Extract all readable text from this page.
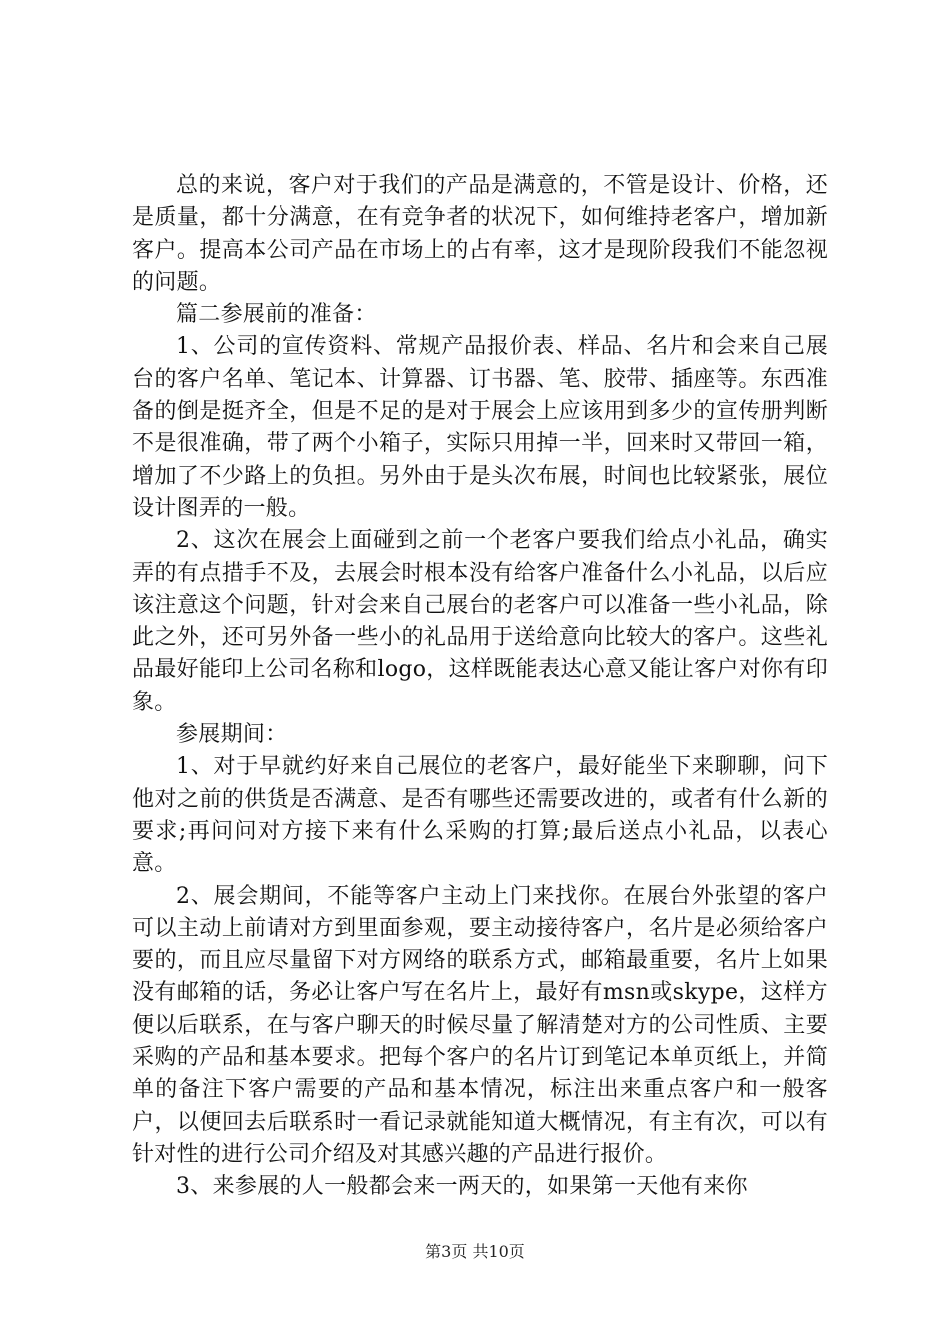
总的来说，客户对于我们的产品是满意的，不管是设计、价格，还是质量，都十分满意，在有竞争者的状况下，如何维持老客户，增加新客户。提高本公司产品在市场上的占有率，这才是现阶段我们不能忽视的问题。

篇二参展前的准备：

1、公司的宣传资料、常规产品报价表、样品、名片和会来自己展台的客户名单、笔记本、计算器、订书器、笔、胶带、插座等。东西准备的倒是挺齐全，但是不足的是对于展会上应该用到多少的宣传册判断不是很准确，带了两个小箱子，实际只用掉一半，回来时又带回一箱，增加了不少路上的负担。另外由于是头次布展，时间也比较紧张，展位设计图弄的一般。

2、这次在展会上面碰到之前一个老客户要我们给点小礼品，确实弄的有点措手不及，去展会时根本没有给客户准备什么小礼品，以后应该注意这个问题，针对会来自己展台的老客户可以准备一些小礼品，除此之外，还可另外备一些小的礼品用于送给意向比较大的客户。这些礼品最好能印上公司名称和logo，这样既能表达心意又能让客户对你有印象。

参展期间：

1、对于早就约好来自己展位的老客户，最好能坐下来聊聊，问下他对之前的供货是否满意、是否有哪些还需要改进的，或者有什么新的要求;再问问对方接下来有什么采购的打算;最后送点小礼品，以表心意。

2、展会期间，不能等客户主动上门来找你。在展台外张望的客户可以主动上前请对方到里面参观，要主动接待客户，名片是必须给客户要的，而且应尽量留下对方网络的联系方式，邮箱最重要，名片上如果没有邮箱的话，务必让客户写在名片上，最好有msn或skype，这样方便以后联系，在与客户聊天的时候尽量了解清楚对方的公司性质、主要采购的产品和基本要求。把每个客户的名片订到笔记本单页纸上，并简单的备注下客户需要的产品和基本情况，标注出来重点客户和一般客户，以便回去后联系时一看记录就能知道大概情况，有主有次，可以有针对性的进行公司介绍及对其感兴趣的产品进行报价。

3、来参展的人一般都会来一两天的，如果第一天他有来你

第3页 共10页
